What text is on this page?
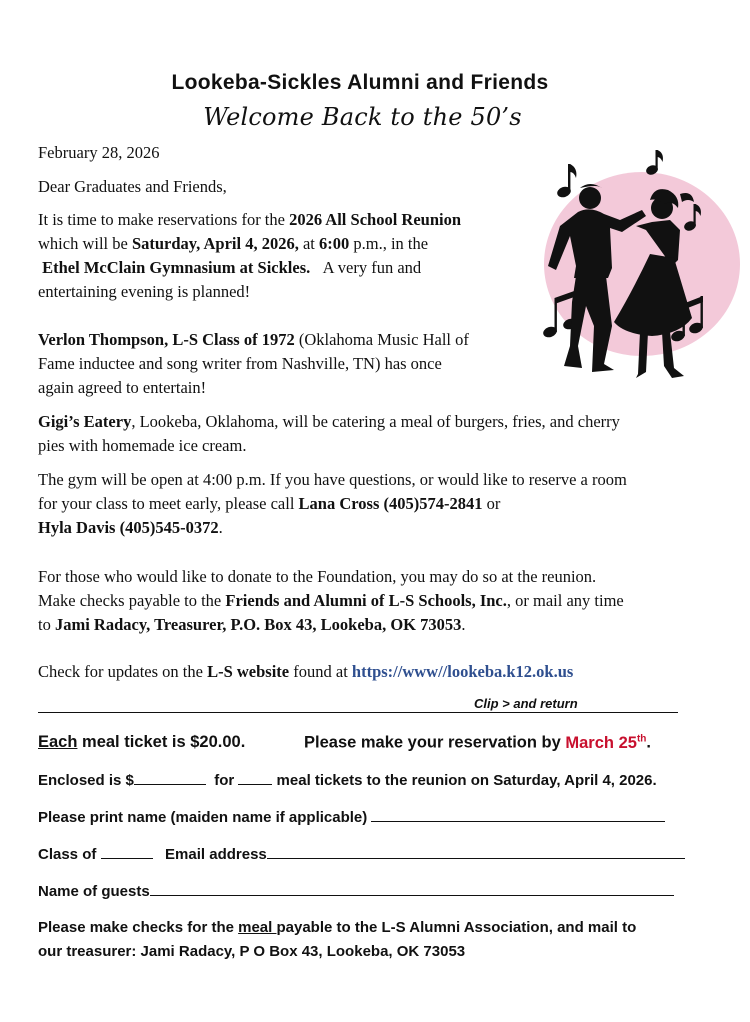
Lookeba-Sickles Alumni and Friends
Welcome Back to the 50’s
February 28, 2026
Dear Graduates and Friends,
It is time to make reservations for the 2026 All School Reunion
which will be Saturday, April 4, 2026, at 6:00 p.m., in the
Ethel McClain Gymnasium at Sickles. A very fun and
entertaining evening is planned!
Verlon Thompson, L-S Class of 1972 (Oklahoma Music Hall of
Fame inductee and song writer from Nashville, TN) has once
again agreed to entertain!
Gigi’s Eatery, Lookeba, Oklahoma, will be catering a meal of burgers, fries, and cherry
pies with homemade ice cream.
The gym will be open at 4:00 p.m. If you have questions, or would like to reserve a room
for your class to meet early, please call Lana Cross (405)574-2841 or
Hyla Davis (405)545-0372.
For those who would like to donate to the Foundation, you may do so at the reunion.
Make checks payable to the Friends and Alumni of L-S Schools, Inc., or mail any time
to Jami Radacy, Treasurer, P.O. Box 43, Lookeba, OK 73053.
Check for updates on the L-S website found at https://www//lookeba.k12.ok.us
Clip > and return
Each meal ticket is $20.00.	Please make your reservation by March 25th.
Enclosed is $	for  meal tickets to the reunion on Saturday, April 4, 2026.
Please print name (maiden name if applicable)
Class of	Email address
Name of guests
Please make checks for the meal payable to the L-S Alumni Association, and mail to
our treasurer: Jami Radacy, P O Box 43, Lookeba, OK 73053
